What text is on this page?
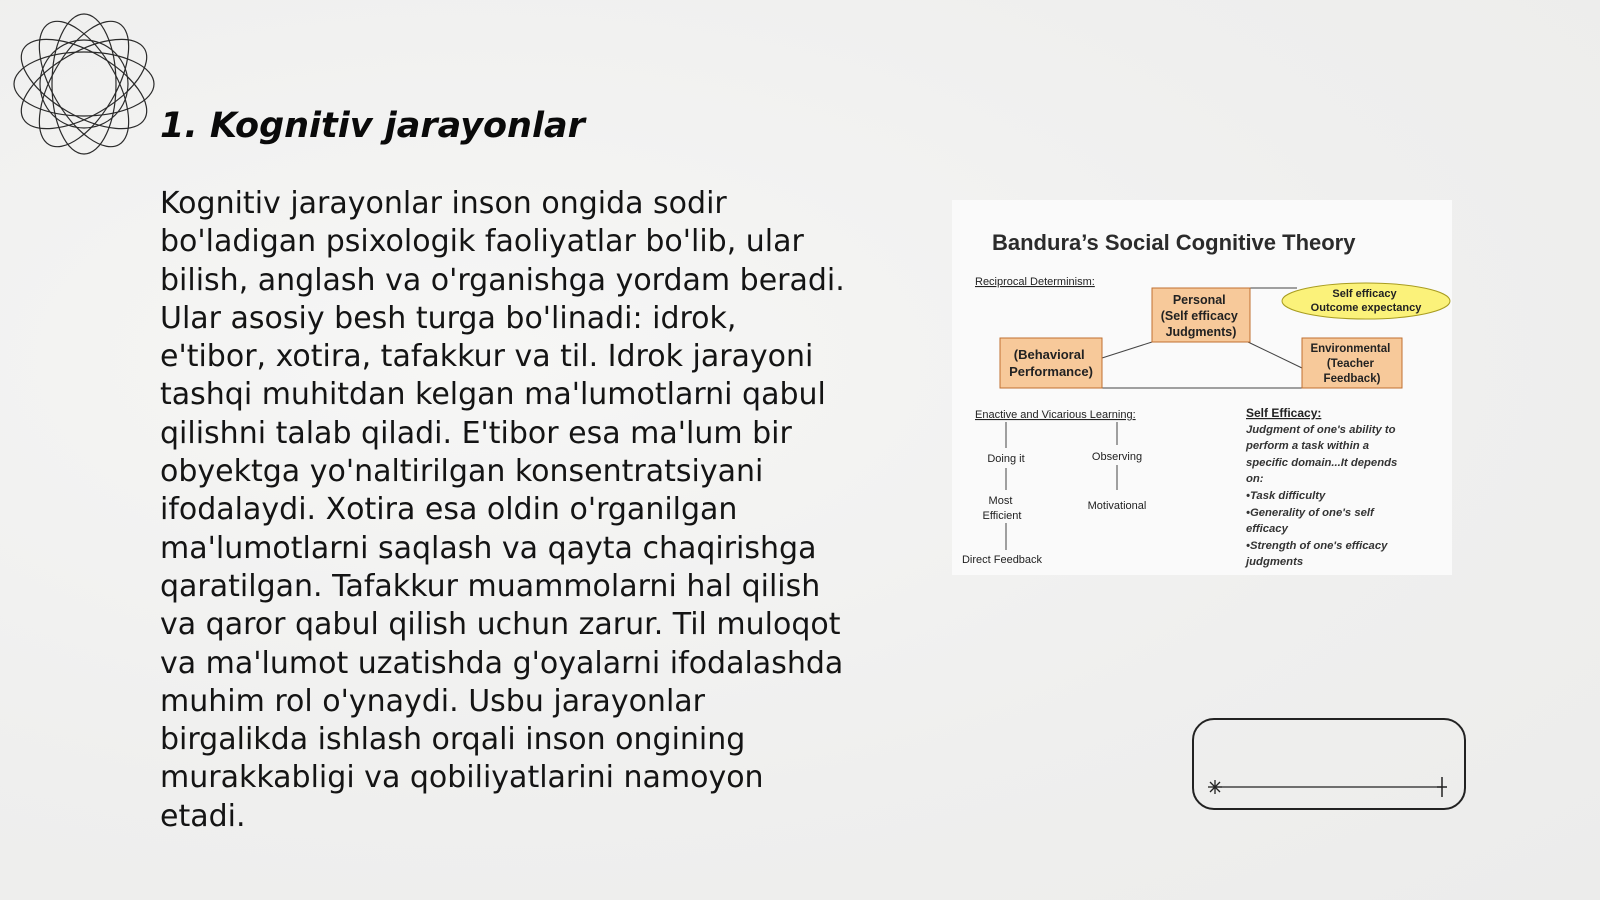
1. Kognitiv jarayonlar
Kognitiv jarayonlar inson ongida sodir bo'ladigan psixologik faoliyatlar bo'lib, ular bilish, anglash va o'rganishga yordam beradi. Ular asosiy besh turga bo'linadi: idrok, e'tibor, xotira, tafakkur va til. Idrok jarayoni tashqi muhitdan kelgan ma'lumotlarni qabul qilishni talab qiladi. E'tibor esa ma'lum bir obyektga yo'naltirilgan konsentratsiyani ifodalaydi. Xotira esa oldin o'rganilgan ma'lumotlarni saqlash va qayta chaqirishga qaratilgan. Tafakkur muammolarni hal qilish va qaror qabul qilish uchun zarur. Til muloqot va ma'lumot uzatishda g'oyalarni ifodalashda muhim rol o'ynaydi. Usbu jarayonlar birgalikda ishlash orqali inson ongining murakkabligi va qobiliyatlarini namoyon etadi.
Bandura’s Social Cognitive Theory
Reciprocal Determinism:
Personal (Self efficacy Judgments)
Self efficacy Outcome expectancy
(Behavioral Performance)
Environmental (Teacher Feedback)
Enactive and Vicarious Learning:
Doing it
Most Efficient
Direct Feedback
Observing
Motivational
Self Efficacy:
Judgment of one's ability to perform a task within a specific domain...It depends on: •Task difficulty •Generality of one's self efficacy •Strength of one's efficacy judgments
